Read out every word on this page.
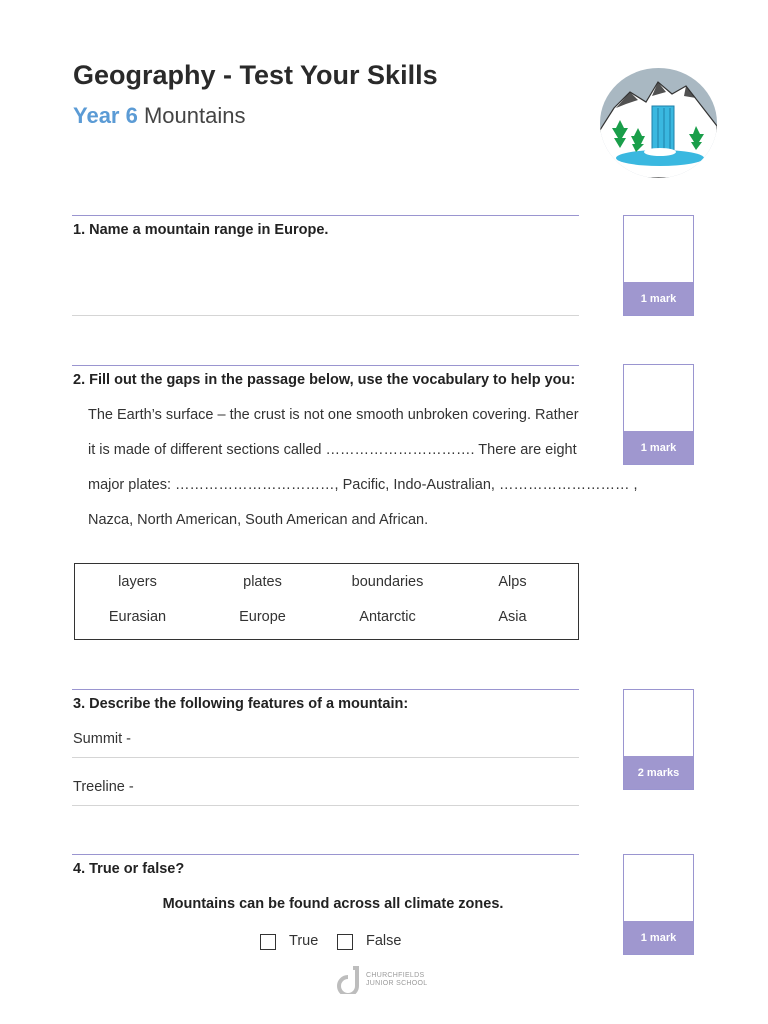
Geography - Test Your Skills
Year 6 Mountains
1. Name a mountain range in Europe.
1 mark
2. Fill out the gaps in the passage below, use the vocabulary to help you:
The Earth’s surface – the crust is not one smooth unbroken covering. Rather
it is made of different sections called …………………………. There are eight
major plates: ……………………………, Pacific, Indo-Australian, ……………………… ,
Nazca, North American, South American and African.
1 mark
layers	plates	boundaries	Alps
Eurasian	Europe	Antarctic	Asia
3. Describe the following features of a mountain:
Summit -
Treeline -
2 marks
4. True or false?
Mountains can be found across all climate zones.
True	False	1 mark
CHURCHFIELDS
JUNIOR SCHOOL
